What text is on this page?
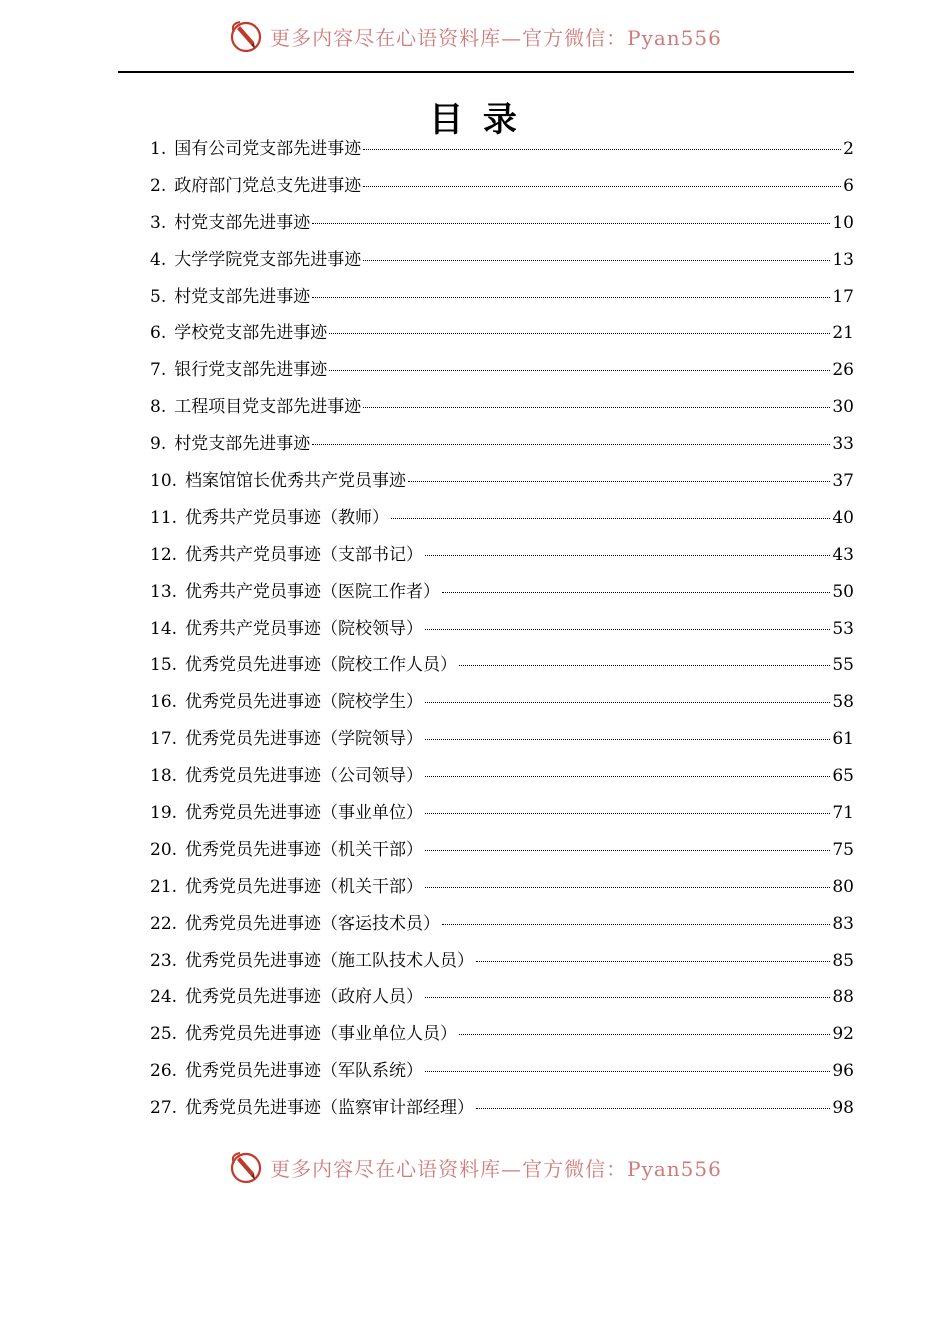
更多内容尽在心语资料库—官方微信：Pyan556
目 录
1. 国有公司党支部先进事迹	2
2. 政府部门党总支先进事迹	6
3. 村党支部先进事迹	10
4. 大学学院党支部先进事迹	13
5. 村党支部先进事迹	17
6. 学校党支部先进事迹	21
7. 银行党支部先进事迹	26
8. 工程项目党支部先进事迹	30
9. 村党支部先进事迹	33
10. 档案馆馆长优秀共产党员事迹	37
11. 优秀共产党员事迹（教师）	40
12. 优秀共产党员事迹（支部书记）	43
13. 优秀共产党员事迹（医院工作者）	50
14. 优秀共产党员事迹（院校领导）	53
15. 优秀党员先进事迹（院校工作人员）	55
16. 优秀党员先进事迹（院校学生）	58
17. 优秀党员先进事迹（学院领导）	61
18. 优秀党员先进事迹（公司领导）	65
19. 优秀党员先进事迹（事业单位）	71
20. 优秀党员先进事迹（机关干部）	75
21. 优秀党员先进事迹（机关干部）	80
22. 优秀党员先进事迹（客运技术员）	83
23. 优秀党员先进事迹（施工队技术人员）	85
24. 优秀党员先进事迹（政府人员）	88
25. 优秀党员先进事迹（事业单位人员）	92
26. 优秀党员先进事迹（军队系统）	96
27. 优秀党员先进事迹（监察审计部经理）	98
更多内容尽在心语资料库—官方微信：Pyan556
